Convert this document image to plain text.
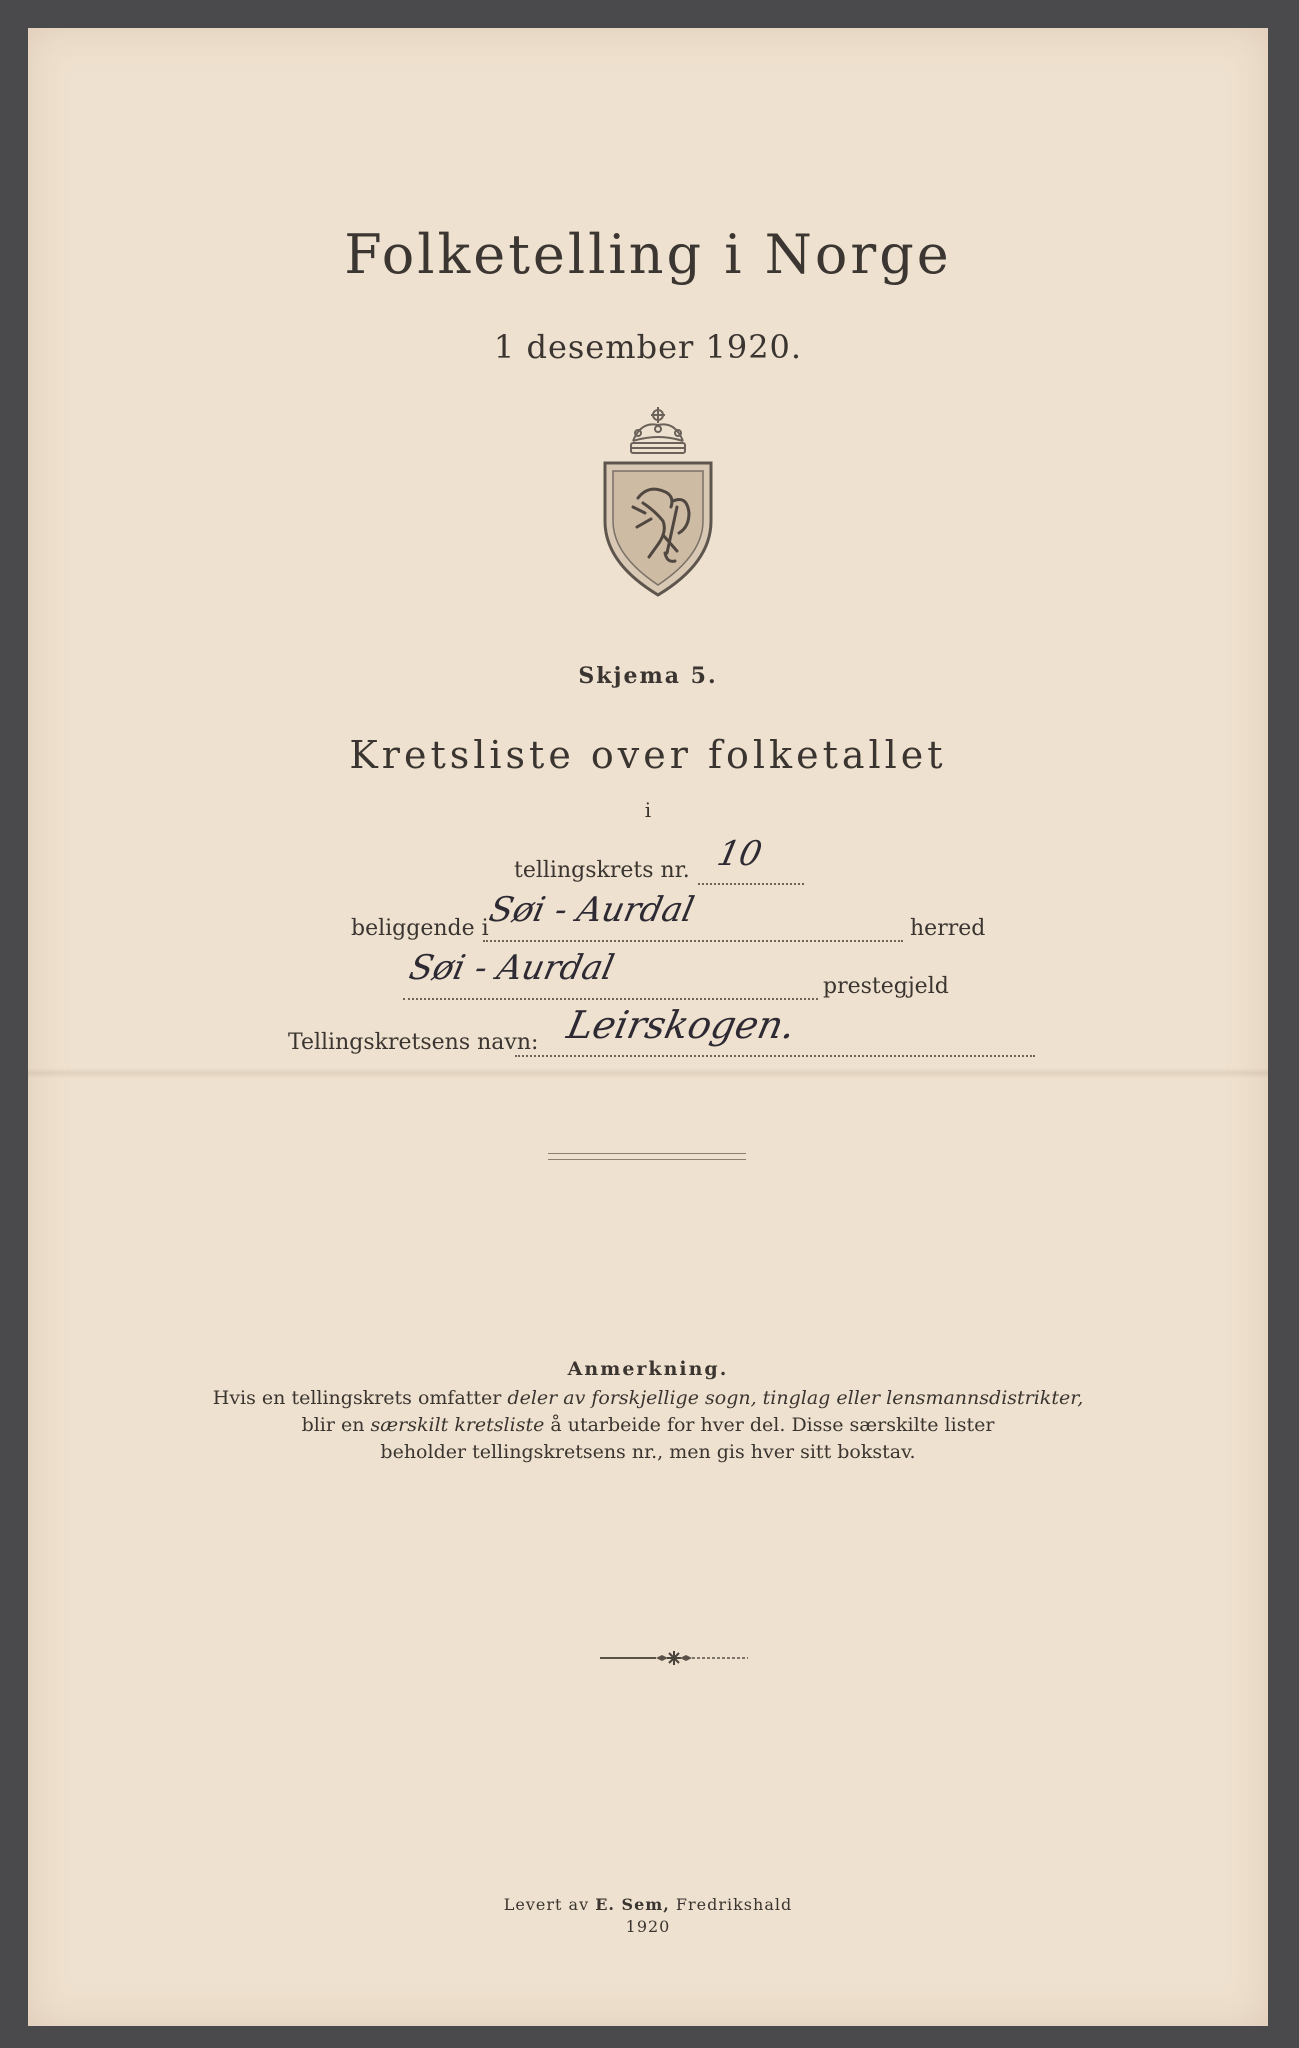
Folketelling i Norge
1 desember 1920.
Skjema 5.
Kretsliste over folketallet
i
tellingskrets nr. 10
beliggende i
Søi - Aurdal	herred
Søi - Aurdal	prestegjeld
Tellingskretsens navn: Leirskogen.
Anmerkning.
Hvis en tellingskrets omfatter deler av forskjellige sogn, tinglag eller lensmannsdistrikter,
blir en særskilt kretsliste å utarbeide for hver del. Disse særskilte lister
beholder tellingskretsens nr., men gis hver sitt bokstav.
Levert av E. Sem, Fredrikshald
1920
